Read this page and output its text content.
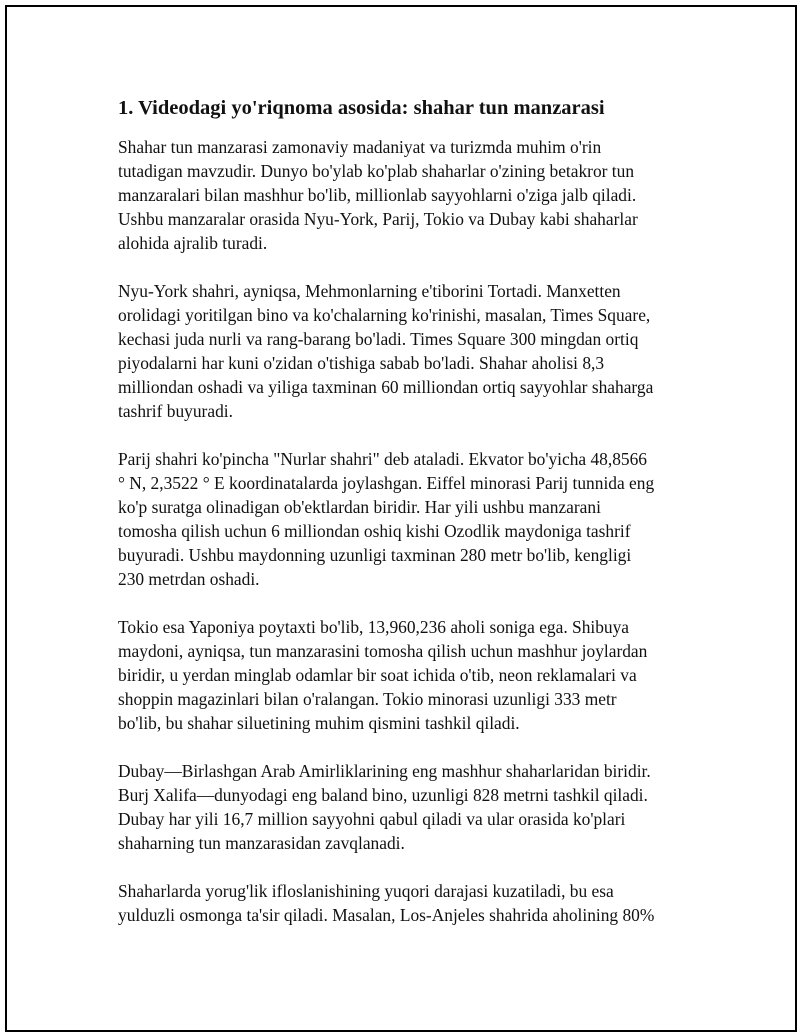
1. Videodagi yo'riqnoma asosida: shahar tun manzarasi

Shahar tun manzarasi zamonaviy madaniyat va turizmda muhim o'rin
tutadigan mavzudir. Dunyo bo'ylab ko'plab shaharlar o'zining betakror tun
manzaralari bilan mashhur bo'lib, millionlab sayyohlarni o'ziga jalb qiladi.
Ushbu manzaralar orasida Nyu-York, Parij, Tokio va Dubay kabi shaharlar
alohida ajralib turadi.

Nyu-York shahri, ayniqsa, Mehmonlarning e'tiborini Tortadi. Manxetten
orolidagi yoritilgan bino va ko'chalarning ko'rinishi, masalan, Times Square,
kechasi juda nurli va rang-barang bo'ladi. Times Square 300 mingdan ortiq
piyodalarni har kuni o'zidan o'tishiga sabab bo'ladi. Shahar aholisi 8,3
milliondan oshadi va yiliga taxminan 60 milliondan ortiq sayyohlar shaharga
tashrif buyuradi.

Parij shahri ko'pincha "Nurlar shahri" deb ataladi. Ekvator bo'yicha 48,8566
° N, 2,3522 ° E koordinatalarda joylashgan. Eiffel minorasi Parij tunnida eng
ko'p suratga olinadigan ob'ektlardan biridir. Har yili ushbu manzarani
tomosha qilish uchun 6 milliondan oshiq kishi Ozodlik maydoniga tashrif
buyuradi. Ushbu maydonning uzunligi taxminan 280 metr bo'lib, kengligi
230 metrdan oshadi.

Tokio esa Yaponiya poytaxti bo'lib, 13,960,236 aholi soniga ega. Shibuya
maydoni, ayniqsa, tun manzarasini tomosha qilish uchun mashhur joylardan
biridir, u yerdan minglab odamlar bir soat ichida o'tib, neon reklamalari va
shoppin magazinlari bilan o'ralangan. Tokio minorasi uzunligi 333 metr
bo'lib, bu shahar siluetining muhim qismini tashkil qiladi.

Dubay—Birlashgan Arab Amirliklarining eng mashhur shaharlaridan biridir.
Burj Xalifa—dunyodagi eng baland bino, uzunligi 828 metrni tashkil qiladi.
Dubay har yili 16,7 million sayyohni qabul qiladi va ular orasida ko'plari
shaharning tun manzarasidan zavqlanadi.

Shaharlarda yorug'lik ifloslanishining yuqori darajasi kuzatiladi, bu esa
yulduzli osmonga ta'sir qiladi. Masalan, Los-Anjeles shahrida aholining 80%
